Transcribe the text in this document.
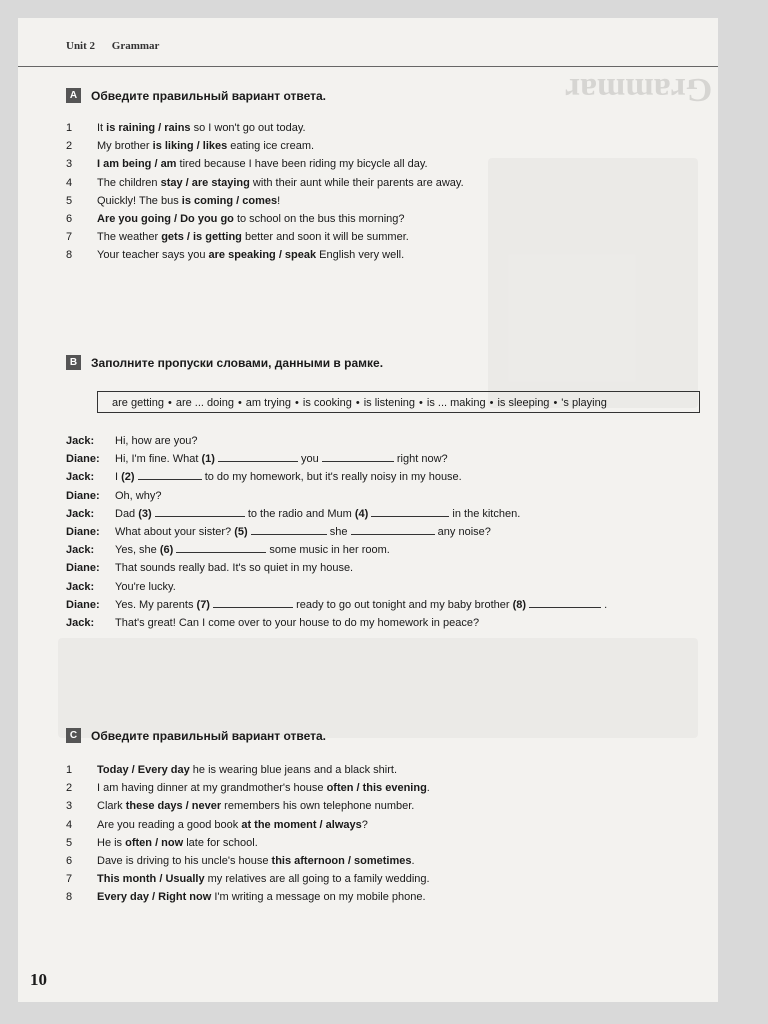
Grammar
Unit 2 Grammar
A Обведите правильный вариант ответа.
1 It is raining / rains so I won't go out today.
2 My brother is liking / likes eating ice cream.
3 I am being / am tired because I have been riding my bicycle all day.
4 The children stay / are staying with their aunt while their parents are away.
5 Quickly! The bus is coming / comes!
6 Are you going / Do you go to school on the bus this morning?
7 The weather gets / is getting better and soon it will be summer.
8 Your teacher says you are speaking / speak English very well.
B Заполните пропуски словами, данными в рамке.
are getting • are ... doing • am trying • is cooking • is listening • is ... making • is sleeping • 's playing
Jack: Hi, how are you?
Diane: Hi, I'm fine. What (1)	you	right now?
Jack: I (2)	to do my homework, but it's really noisy in my house.
Diane: Oh, why?
Jack: Dad (3)	to the radio and Mum (4)	in the kitchen.
Diane: What about your sister? (5)	she	any noise?
Jack: Yes, she (6)	some music in her room.
Diane: That sounds really bad. It's so quiet in my house.
Jack: You're lucky.
Diane: Yes. My parents (7)	ready to go out tonight and my baby brother (8)	.
Jack: That's great! Can I come over to your house to do my homework in peace?
C Обведите правильный вариант ответа.
1 Today / Every day he is wearing blue jeans and a black shirt.
2 I am having dinner at my grandmother's house often / this evening.
3 Clark these days / never remembers his own telephone number.
4 Are you reading a good book at the moment / always?
5 He is often / now late for school.
6 Dave is driving to his uncle's house this afternoon / sometimes.
7 This month / Usually my relatives are all going to a family wedding.
8 Every day / Right now I'm writing a message on my mobile phone.
10
